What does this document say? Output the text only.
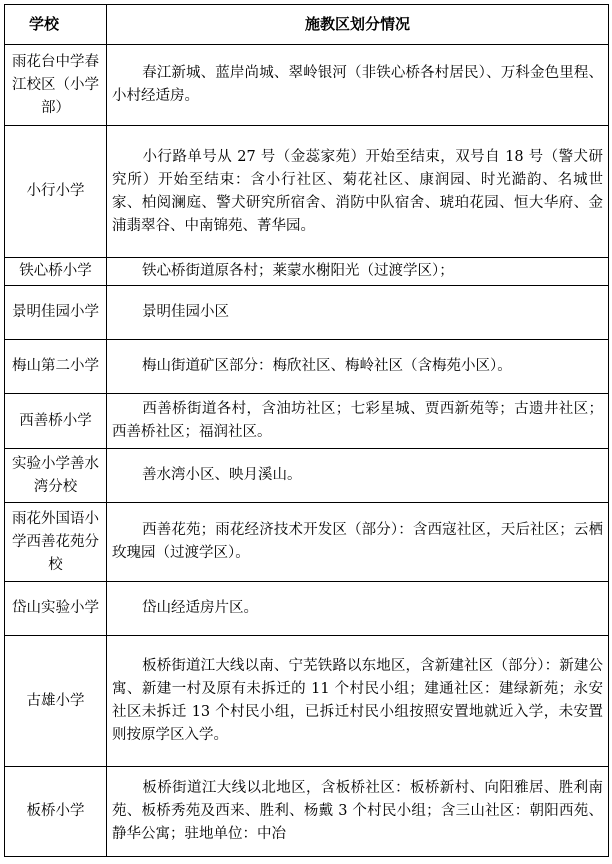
学校	施教区划分情况
雨花台中学春江校区（小学部）	春江新城、蓝岸尚城、翠岭银河（非铁心桥各村居民）、万科金色里程、小村经适房。
小行小学	小行路单号从 27 号（金蕊家苑）开始至结束，双号自 18 号（警犬研究所）开始至结束：含小行社区、菊花社区、康润园、时光澔韵、名城世家、柏阅澜庭、警犬研究所宿舍、消防中队宿舍、琥珀花园、恒大华府、金浦翡翠谷、中南锦苑、菁华园。
铁心桥小学	铁心桥街道原各村；莱蒙水榭阳光（过渡学区）；
景明佳园小学	景明佳园小区
梅山第二小学	梅山街道矿区部分：梅欣社区、梅岭社区（含梅苑小区）。
西善桥小学	西善桥街道各村，含油坊社区；七彩星城、贾西新苑等；古遗井社区；西善桥社区；福润社区。
实验小学善水湾分校	善水湾小区、映月溪山。
雨花外国语小学西善花苑分校	西善花苑；雨花经济技术开发区（部分）：含西寇社区，天后社区；云栖玫瑰园（过渡学区）。
岱山实验小学	岱山经适房片区。
古雄小学	板桥街道江大线以南、宁芜铁路以东地区，含新建社区（部分）：新建公寓、新建一村及原有未拆迁的 11 个村民小组；建通社区：建绿新苑；永安社区未拆迁 13 个村民小组，已拆迁村民小组按照安置地就近入学，未安置则按原学区入学。
板桥小学	板桥街道江大线以北地区，含板桥社区：板桥新村、向阳雅居、胜利南苑、板桥秀苑及西来、胜利、杨戴 3 个村民小组；含三山社区：朝阳西苑、静华公寓；驻地单位：中冶
